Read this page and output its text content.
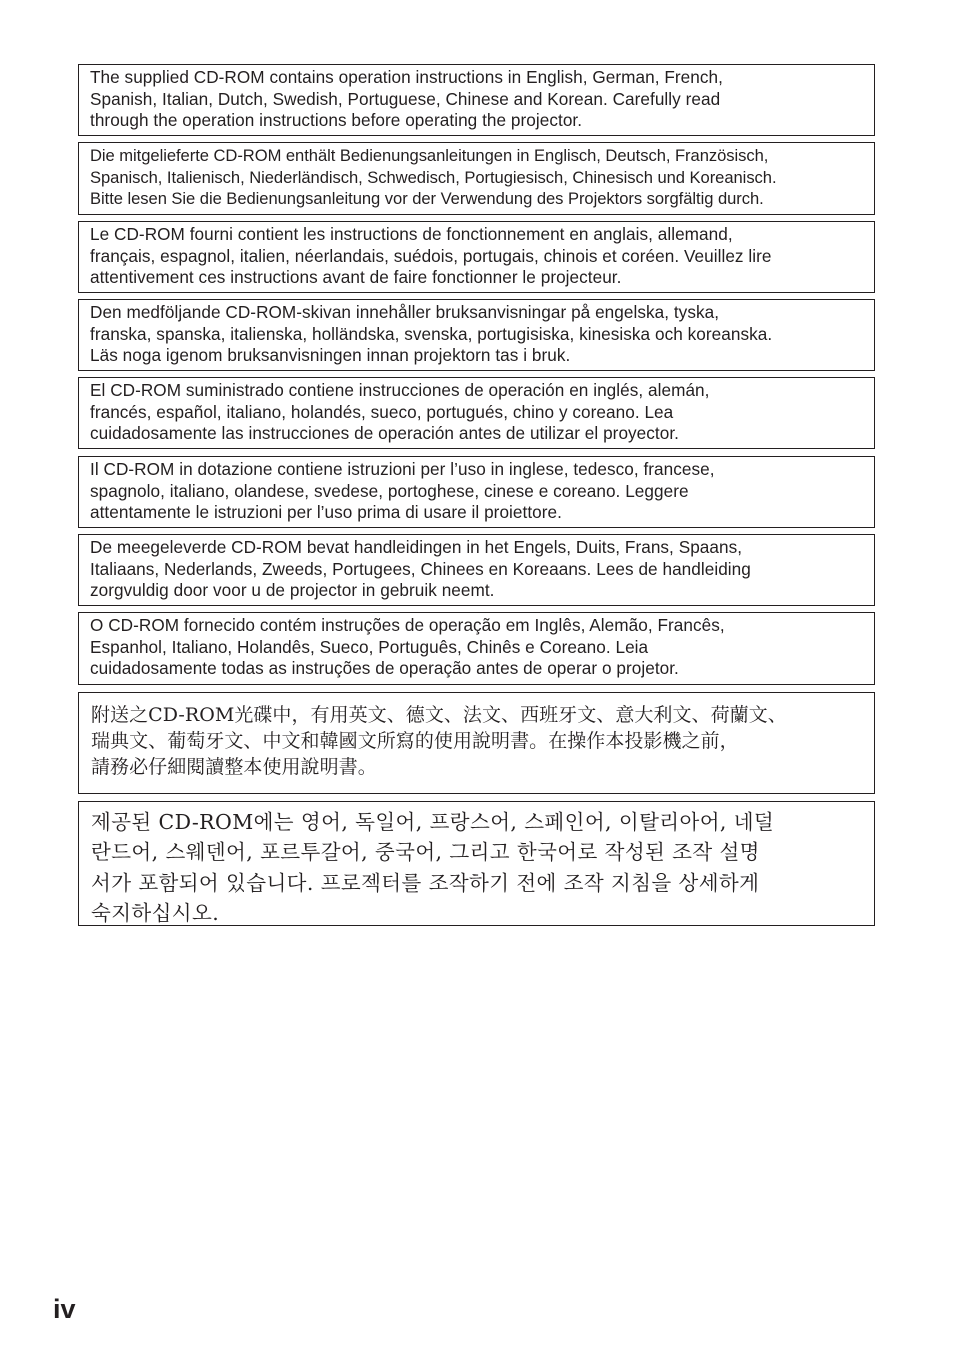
The supplied CD-ROM contains operation instructions in English, German, French,
Spanish, Italian, Dutch, Swedish, Portuguese, Chinese and Korean. Carefully read
through the operation instructions before operating the projector.
Die mitgelieferte CD-ROM enthält Bedienungsanleitungen in Englisch, Deutsch, Französisch,
Spanisch, Italienisch, Niederländisch, Schwedisch, Portugiesisch, Chinesisch und Koreanisch.
Bitte lesen Sie die Bedienungsanleitung vor der Verwendung des Projektors sorgfältig durch.
Le CD-ROM fourni contient les instructions de fonctionnement en anglais, allemand,
français, espagnol, italien, néerlandais, suédois, portugais, chinois et coréen. Veuillez lire
attentivement ces instructions avant de faire fonctionner le projecteur.
Den medföljande CD-ROM-skivan innehåller bruksanvisningar på engelska, tyska,
franska, spanska, italienska, holländska, svenska, portugisiska, kinesiska och koreanska.
Läs noga igenom bruksanvisningen innan projektorn tas i bruk.
El CD-ROM suministrado contiene instrucciones de operación en inglés, alemán,
francés, español, italiano, holandés, sueco, portugués, chino y coreano. Lea
cuidadosamente las instrucciones de operación antes de utilizar el proyector.
Il CD-ROM in dotazione contiene istruzioni per l’uso in inglese, tedesco, francese,
spagnolo, italiano, olandese, svedese, portoghese, cinese e coreano. Leggere
attentamente le istruzioni per l’uso prima di usare il proiettore.
De meegeleverde CD-ROM bevat handleidingen in het Engels, Duits, Frans, Spaans,
Italiaans, Nederlands, Zweeds, Portugees, Chinees en Koreaans. Lees de handleiding
zorgvuldig door voor u de projector in gebruik neemt.
O CD-ROM fornecido contém instruções de operação em Inglês, Alemão, Francês,
Espanhol, Italiano, Holandês, Sueco, Português, Chinês e Coreano. Leia
cuidadosamente todas as instruções de operação antes de operar o projetor.
附送之CD-ROM光碟中，有用英文、德文、法文、西班牙文、意大利文、荷蘭文、
瑞典文、葡萄牙文、中文和韓國文所寫的使用說明書。在操作本投影機之前，
請務必仔細閱讀整本使用說明書。
제공된 CD-ROM에는 영어, 독일어, 프랑스어, 스페인어, 이탈리아어, 네덜
란드어, 스웨덴어, 포르투갈어, 중국어, 그리고 한국어로 작성된 조작 설명
서가 포함되어 있습니다. 프로젝터를 조작하기 전에 조작 지침을 상세하게
숙지하십시오.
iv
